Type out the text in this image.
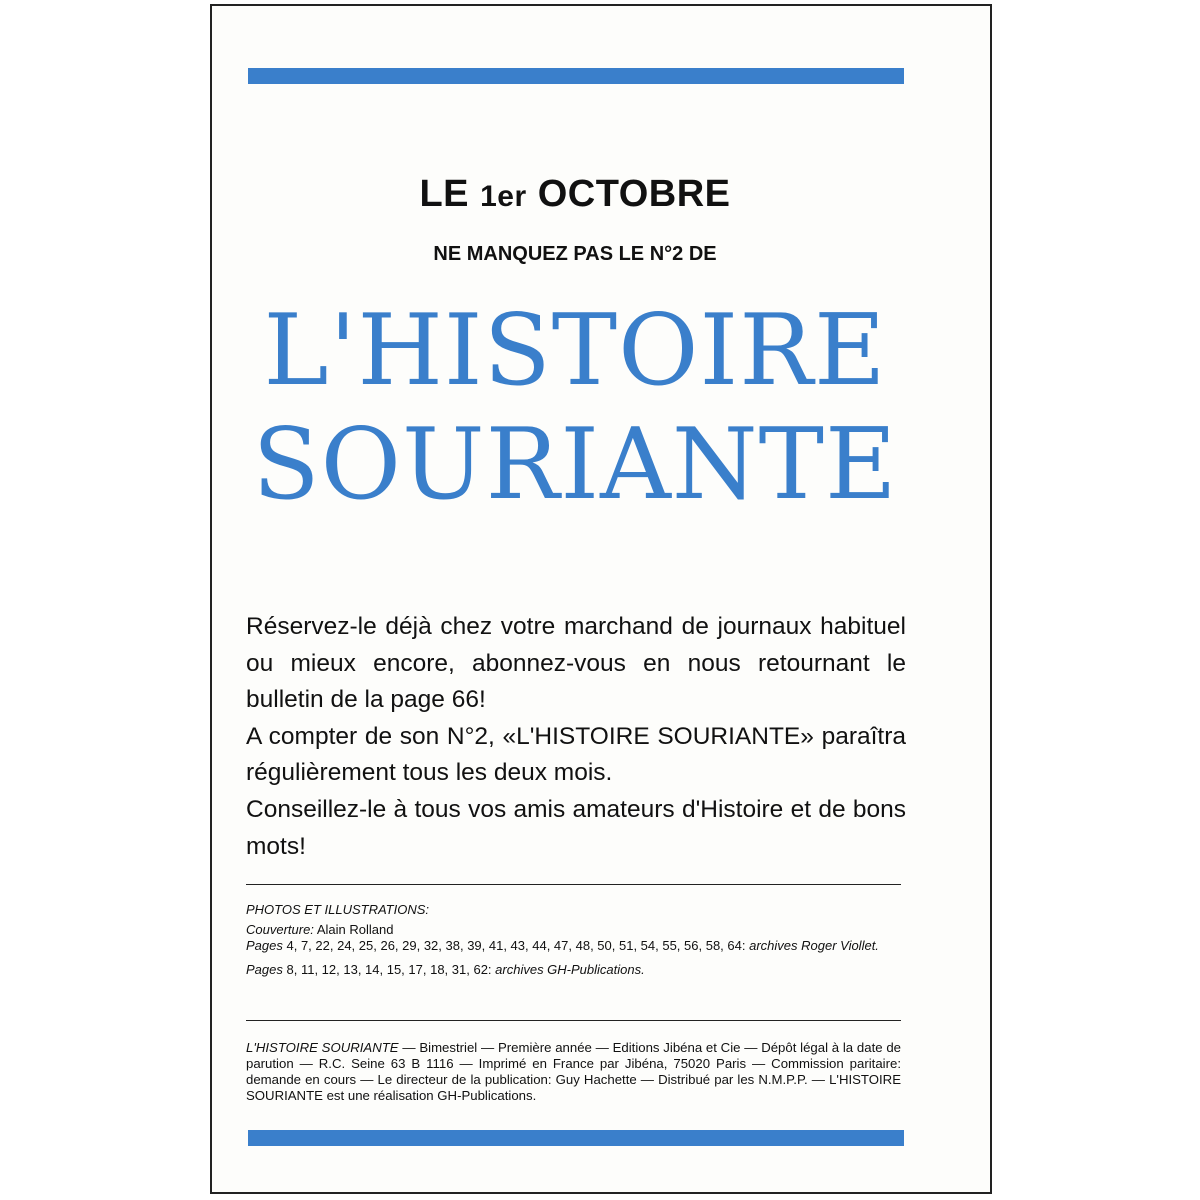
LE 1er OCTOBRE
NE MANQUEZ PAS LE N°2 DE
L'HISTOIRE
SOURIANTE

Réservez-le déjà chez votre marchand de journaux habituel ou mieux encore, abonnez-vous en nous retournant le bulletin de la page 66!

A compter de son N°2, «L'HISTOIRE SOURIANTE» paraîtra régulièrement tous les deux mois.

Conseillez-le à tous vos amis amateurs d'Histoire et de bons mots!

PHOTOS ET ILLUSTRATIONS:

Couverture: Alain Rolland

Pages 4, 7, 22, 24, 25, 26, 29, 32, 38, 39, 41, 43, 44, 47, 48, 50, 51, 54, 55, 56, 58, 64: archives Roger Viollet.

Pages 8, 11, 12, 13, 14, 15, 17, 18, 31, 62: archives GH-Publications.

L'HISTOIRE SOURIANTE — Bimestriel — Première année — Editions Jibéna et Cie — Dépôt légal à la date de parution — R.C. Seine 63 B 1116 — Imprimé en France par Jibéna, 75020 Paris — Commission paritaire: demande en cours — Le directeur de la publication: Guy Hachette — Distribué par les N.M.P.P. — L'HISTOIRE SOURIANTE est une réalisation GH-Publications.
